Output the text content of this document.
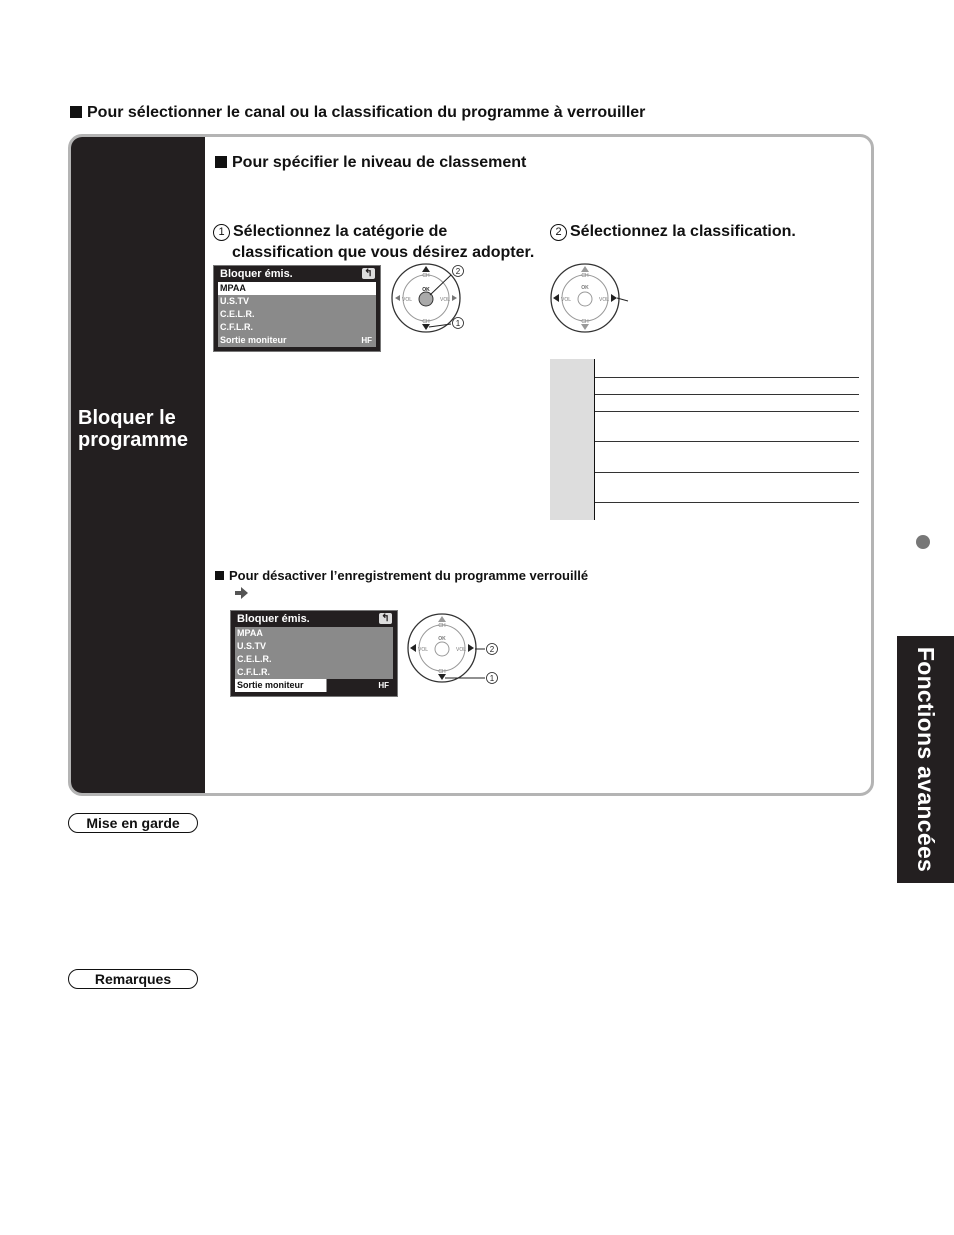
Pour sélectionner le canal ou la classification du programme à verrouiller
Bloquer le
programme
Pour spécifier le niveau de classement
1 Sélectionnez la catégorie de
classification que vous désirez adopter.
2 Sélectionnez la classification.
Bloquer émis.	↰
MPAA
U.S.TV
C.E.L.R.
C.F.L.R.
Sortie moniteur	HF
CH
CH
OK
VOL	VOL
2
1
CH
CH
OK
VOL	VOL
Pour désactiver l’enregistrement du programme verrouillé
Bloquer émis.	↰
MPAA
U.S.TV
C.E.L.R.
C.F.L.R.
Sortie moniteur	HF
CH
CH
OK
VOL	VOL	2
1

		Fonctions avancées
Mise en garde
Remarques
